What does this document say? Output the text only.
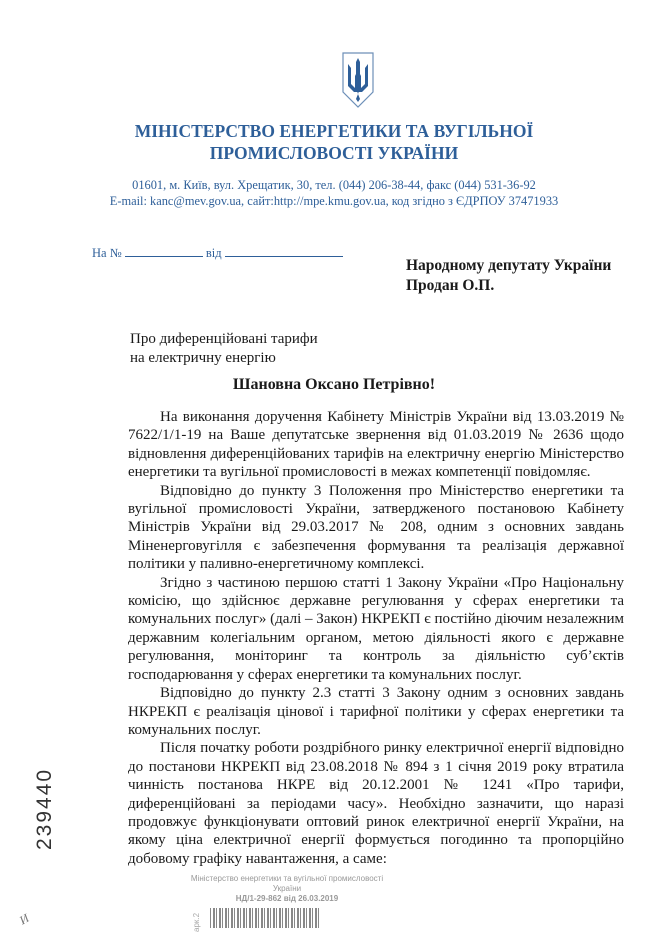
МІНІСТЕРСТВО ЕНЕРГЕТИКИ ТА ВУГІЛЬНОЇ
ПРОМИСЛОВОСТІ УКРАЇНИ
01601, м. Київ, вул. Хрещатик, 30, тел. (044) 206-38-44, факс (044) 531-36-92
E-mail: kanc@mev.gov.ua, сайт:http://mpe.kmu.gov.ua, код згідно з ЄДРПОУ 37471933
На №	від
Народному депутату України
Продан О.П.
Про диференційовані тарифи
на електричну енергію
Шановна Оксано Петрівно!

На виконання доручення Кабінету Міністрів України від 13.03.2019 № 7622/1/1-19 на Ваше депутатське звернення від 01.03.2019 № 2636 щодо відновлення диференційованих тарифів на електричну енергію Міністерство енергетики та вугільної промисловості в межах компетенції повідомляє.

Відповідно до пункту 3 Положення про Міністерство енергетики та вугільної промисловості України, затвердженого постановою Кабінету Міністрів України від 29.03.2017 № 208, одним з основних завдань Міненерговугілля є забезпечення формування та реалізація державної політики у паливно-енергетичному комплексі.

Згідно з частиною першою статті 1 Закону України «Про Національну комісію, що здійснює державне регулювання у сферах енергетики та комунальних послуг» (далі – Закон) НКРЕКП є постійно діючим незалежним державним колегіальним органом, метою діяльності якого є державне регулювання, моніторинг та контроль за діяльністю суб’єктів господарювання у сферах енергетики та комунальних послуг.

Відповідно до пункту 2.3 статті 3 Закону одним з основних завдань НКРЕКП є реалізація цінової і тарифної політики у сферах енергетики та комунальних послуг.

Після початку роботи роздрібного ринку електричної енергії відповідно до постанови НКРЕКП від 23.08.2018 № 894 з 1 січня 2019 року втратила чинність постанова НКРЕ від 20.12.2001 № 1241 «Про тарифи, диференційовані за періодами часу». Необхідно зазначити, що наразі продовжує функціонувати оптовий ринок електричної енергії України, на якому ціна електричної енергії формується погодинно та пропорційно добовому графіку навантаження, а саме:

Міністерство енергетики та вугільної промисловості України
НД/1-29-862 від 26.03.2019
арк.2
239440
И
